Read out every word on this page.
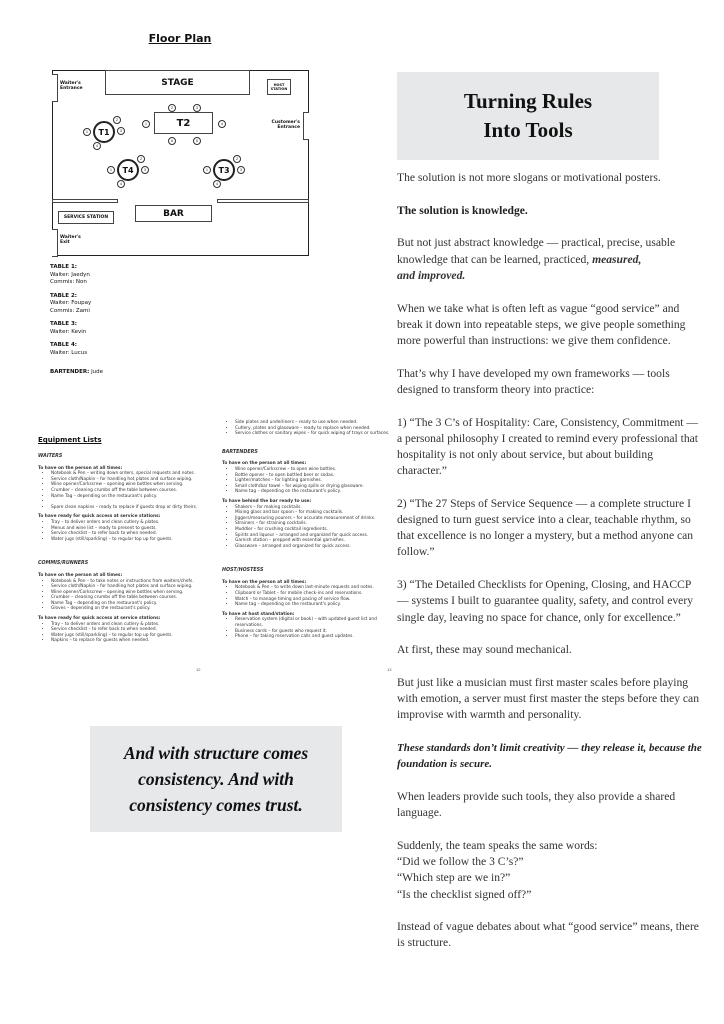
Floor Plan
STAGE	HOST STATION
Waiter's Entrance
Customer's Entrance
T2
2	3
1	4
6	5
T1
1
2
3
4
T4
1
2
3
4
T3
1
2
3
4
BAR
SERVICE STATION
Waiter's Exit
TABLE 1:
Waiter: Jaedyn
Commis: Non
TABLE 2:
Waiter: Foupay
Commis: Zami
TABLE 3:
Waiter: Kevin
TABLE 4:
Waiter: Lucus
BARTENDER: Jude
Equipment Lists
WAITERS
To have on the person at all times:
• Notebook & Pen – writing down orders, special requests and notes.
• Service cloth/Napkin – for handling hot plates and surface wiping.
• Wine opener/Corkscrew – opening wine bottles when serving.
• Crumber – cleaning crumbs off the table between courses.
• Name Tag – depending on the restaurant's policy.
•
• Spare clean napkins – ready to replace if guests drop or dirty theirs.
To have ready for quick access at service stations:
• Tray – to deliver orders and clean cutlery & plates.
• Menus and wine list – ready to present to guests.
• Service checklist – to refer back to when needed.
• Water jugs (still/sparkling) – to regular top up for guests.
COMMIS/RUNNERS
To have on the person at all times:
• Notebook & Pen – to take notes or instructions from waiters/chefs.
• Service cloth/Napkin – for handling hot plates and surface wiping.
• Wine opener/Corkscrew – opening wine bottles when serving.
• Crumber – cleaning crumbs off the table between courses.
• Name Tag – depending on the restaurant's policy.
• Gloves – depending on the restaurant's policy.
To have ready for quick access at service stations:
• Tray – to deliver orders and clean cutlery & plates.
• Service checklist – to refer back to when needed.
• Water jugs (still/sparkling) – to regular top up for guests.
• Napkins – to replace for guests when needed.
• Side plates and underliners – ready to use when needed.
• Cutlery, plates and glassware – ready to replace when needed.
• Service clothes or sanitary wipes – for quick wiping of trays or surfaces.
BARTENDERS
To have on the person at all times:
• Wine opener/Corkscrew – to open wine bottles.
• Bottle opener – to open bottled beer or sodas.
• Lighter/matches – for lighting garnishes.
• Small cloth/bar towel – for wiping spills or drying glassware.
• Name tag – depending on the restaurant's policy.
To have behind the bar ready to use:
• Shakers – for making cocktails.
• Mixing glass and bar spoon – for making cocktails.
• Jiggers/measuring pourers – for accurate measurement of drinks.
• Strainers – for straining cocktails.
• Muddler – for crushing cocktail ingredients.
• Spirits and liqueur – arranged and organized for quick access.
• Garnish station – prepped with essential garnishes.
• Glassware – arranged and organized for quick access.
HOST/HOSTESS
To have on the person at all times:
• Notebook & Pen – to write down last-minute requests and notes.
• Clipboard or Tablet – for mobile check-ins and reservations.
• Watch – to manage timing and pacing of service flow.
• Name tag – depending on the restaurant's policy.
To have at host stand/station:
• Reservation system (digital or book) – with updated guest list and reservations.
• Business cards – for guests who request it.
• Phone – for taking reservation calls and guest updates.
12	13
And with structure comes consistency. And with consistency comes trust.
Turning Rules
Into Tools

The solution is not more slogans or motivational posters.

The solution is knowledge.

But not just abstract knowledge — practical, precise, usable knowledge that can be learned, practiced, measured,
and improved.

When we take what is often left as vague “good service” and break it down into repeatable steps, we give people something more powerful than instructions: we give them confidence.

That’s why I have developed my own frameworks — tools designed to transform theory into practice:

1) “The 3 C’s of Hospitality: Care, Consistency, Commitment — a personal philosophy I created to remind every professional that hospitality is not only about service, but about building character.”

2) “The 27 Steps of Service Sequence — a complete structure I designed to turn guest service into a clear, teachable rhythm, so that excellence is no longer a mystery, but a method anyone can follow.”

3) “The Detailed Checklists for Opening, Closing, and HACCP — systems I built to guarantee quality, safety, and control every single day, leaving no space for chance, only for excellence.”

At first, these may sound mechanical.

But just like a musician must first master scales before playing with emotion, a server must first master the steps before they can improvise with warmth and personality.

These standards don’t limit creativity — they release it, because the foundation is secure.

When leaders provide such tools, they also provide a shared language.

Suddenly, the team speaks the same words:
“Did we follow the 3 C’s?”
“Which step are we in?”
“Is the checklist signed off?”

Instead of vague debates about what “good service” means, there is structure.
